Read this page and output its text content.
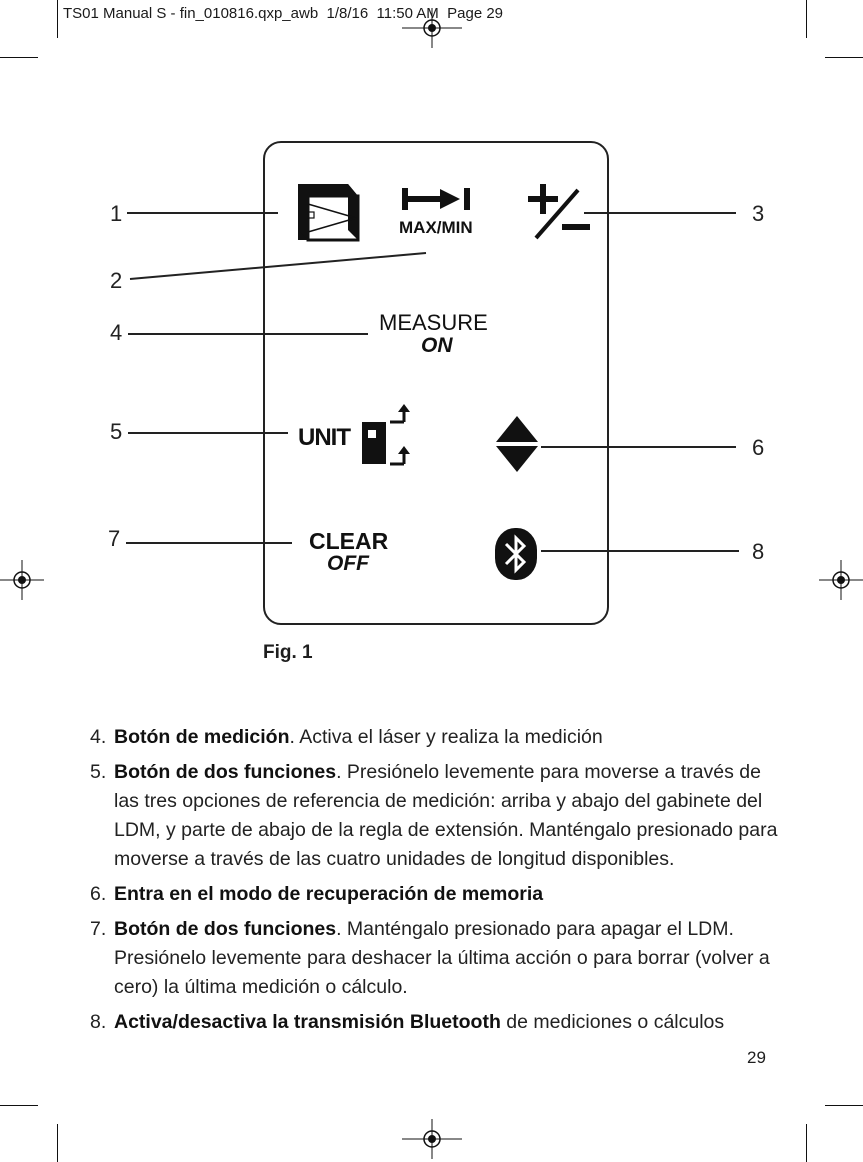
TS01 Manual S - fin_010816.qxp_awb  1/8/16  11:50 AM  Page 29
MAX/MIN
MEASURE
ON
UNIT
CLEAR
OFF
1
2
3
4
5
6
7
8
Fig. 1
4. Botón de medición. Activa el láser y realiza la medición
5. Botón de dos funciones. Presiónelo levemente para moverse a través de las tres opciones de referencia de medición: arriba y abajo del gabinete del LDM, y parte de abajo de la regla de extensión. Manténgalo presionado para moverse a través de las cuatro unidades de longitud disponibles.
6. Entra en el modo de recuperación de memoria
7. Botón de dos funciones. Manténgalo presionado para apagar el LDM. Presiónelo levemente para deshacer la última acción o para borrar (volver a cero) la última medición o cálculo.
8. Activa/desactiva la transmisión Bluetooth de mediciones o cálculos
29
